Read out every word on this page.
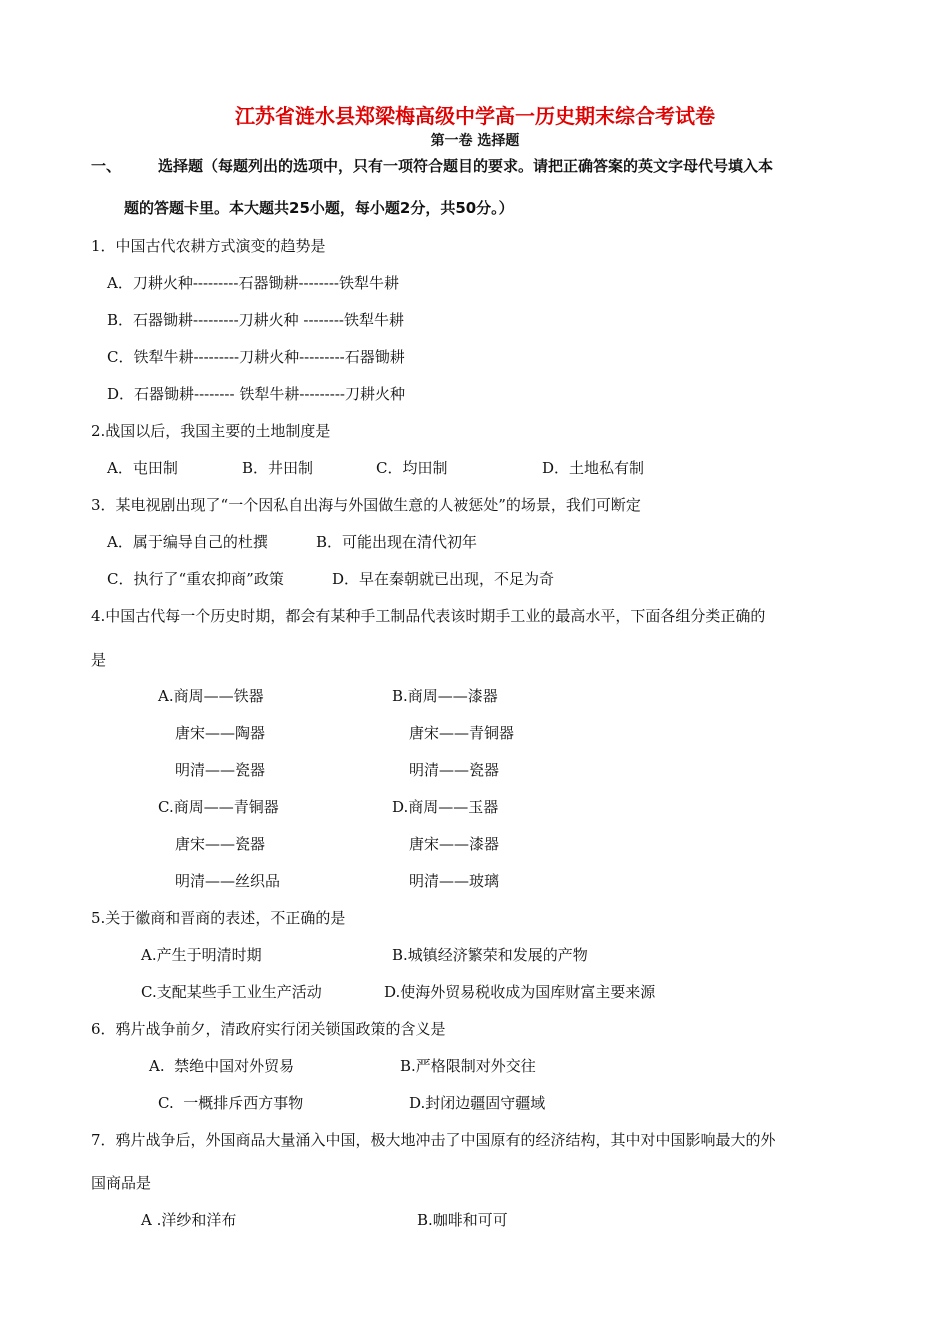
江苏省涟水县郑梁梅高级中学高一历史期末综合考试卷
第一卷 选择题
一、 选择题（每题列出的选项中，只有一项符合题目的要求。请把正确答案的英文字母代号填入本
题的答题卡里。本大题共25小题，每小题2分，共50分。）
1．中国古代农耕方式演变的趋势是
A．刀耕火种---------石器锄耕--------铁犁牛耕
B．石器锄耕---------刀耕火种 --------铁犁牛耕
C．铁犁牛耕---------刀耕火种---------石器锄耕
D．石器锄耕-------- 铁犁牛耕---------刀耕火种
2.战国以后，我国主要的土地制度是
A．屯田制	B．井田制	C．均田制	D．土地私有制
3．某电视剧出现了“一个因私自出海与外国做生意的人被惩处”的场景，我们可断定
A．属于编导自己的杜撰	B．可能出现在清代初年
C．执行了“重农抑商”政策	D．早在秦朝就已出现，不足为奇
4.中国古代每一个历史时期，都会有某种手工制品代表该时期手工业的最高水平，下面各组分类正确的
是
A.商周——铁器	B.商周——漆器
唐宋——陶器	唐宋——青铜器
明清——瓷器	明清——瓷器
C.商周——青铜器	D.商周——玉器
唐宋——瓷器	唐宋——漆器
明清——丝织品	明清——玻璃
5.关于徽商和晋商的表述，不正确的是
A.产生于明清时期	B.城镇经济繁荣和发展的产物
C.支配某些手工业生产活动	D.使海外贸易税收成为国库财富主要来源
6．鸦片战争前夕，清政府实行闭关锁国政策的含义是
A.  禁绝中国对外贸易	B.严格限制对外交往
C.  一概排斥西方事物	D.封闭边疆固守疆域
7．鸦片战争后，外国商品大量涌入中国，极大地冲击了中国原有的经济结构，其中对中国影响最大的外
国商品是
A .洋纱和洋布	B.咖啡和可可
